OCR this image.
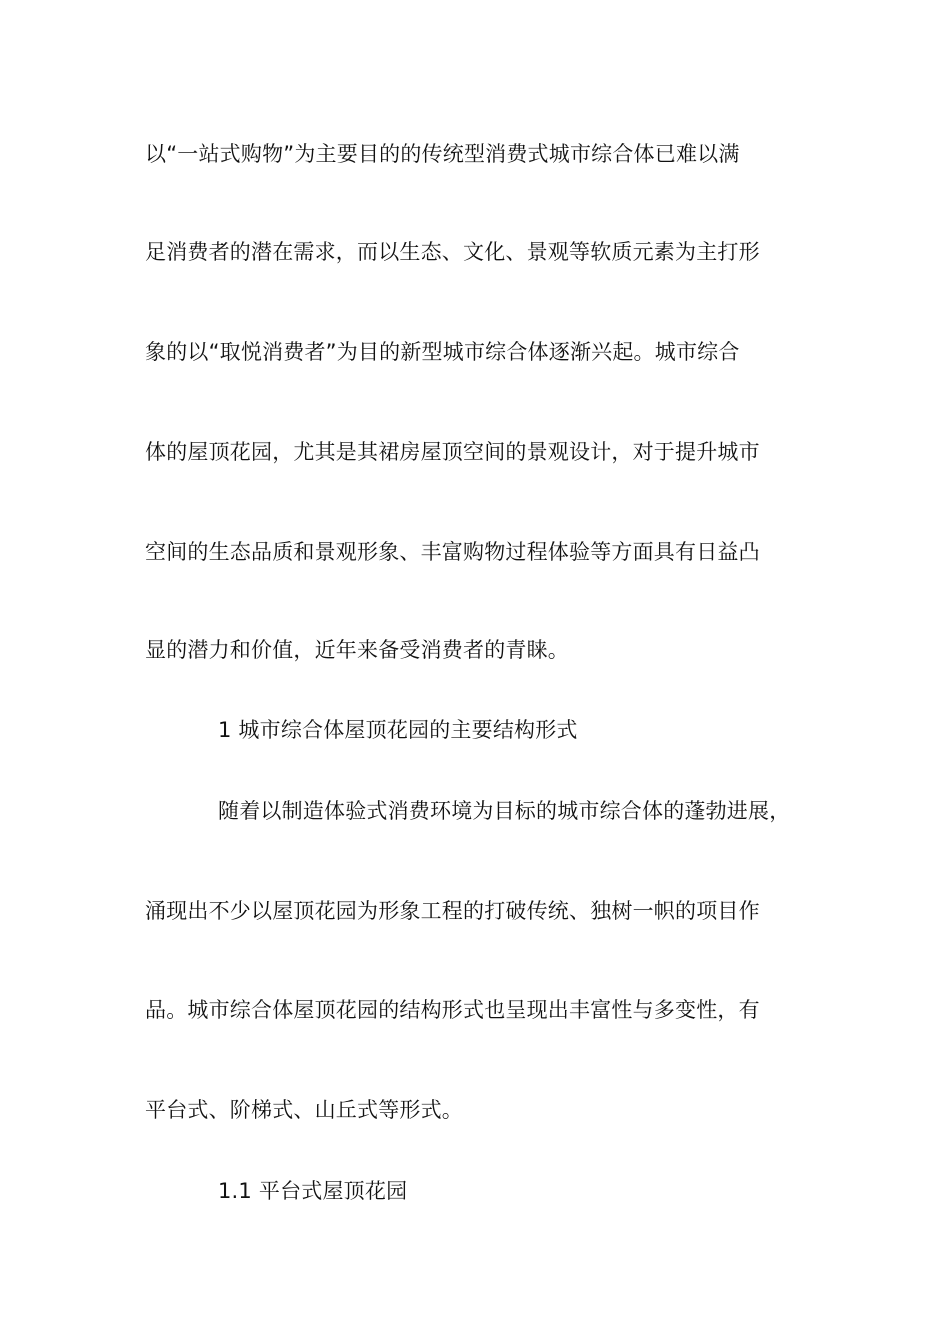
以“一站式购物”为主要目的的传统型消费式城市综合体已难以满
足消费者的潜在需求，而以生态、文化、景观等软质元素为主打形
象的以“取悦消费者”为目的新型城市综合体逐渐兴起。城市综合
体的屋顶花园，尤其是其裙房屋顶空间的景观设计，对于提升城市
空间的生态品质和景观形象、丰富购物过程体验等方面具有日益凸
显的潜力和价值，近年来备受消费者的青睐。
1 城市综合体屋顶花园的主要结构形式
随着以制造体验式消费环境为目标的城市综合体的蓬勃进展，
涌现出不少以屋顶花园为形象工程的打破传统、独树一帜的项目作
品。城市综合体屋顶花园的结构形式也呈现出丰富性与多变性，有
平台式、阶梯式、山丘式等形式。
1.1 平台式屋顶花园
